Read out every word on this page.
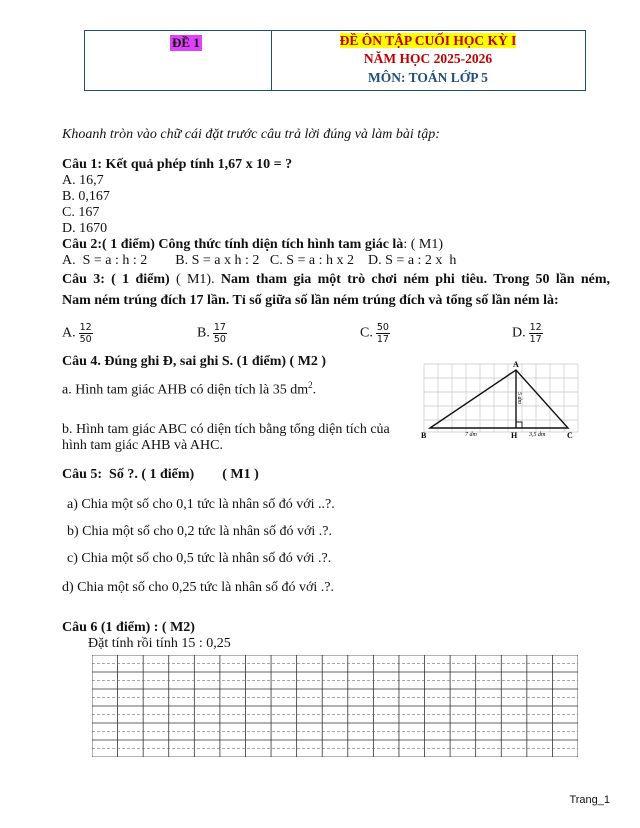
ĐỀ 1	ĐỀ ÔN TẬP CUỐI HỌC KỲ I
NĂM HỌC 2025-2026
MÔN: TOÁN LỚP 5
Khoanh tròn vào chữ cái đặt trước câu trả lời đúng và làm bài tập:
Câu 1: Kết quả phép tính 1,67 x 10 = ?
A. 16,7
B. 0,167
C. 167
D. 1670
Câu 2:( 1 điểm) Công thức tính diện tích hình tam giác là: ( M1)
A.  S = a : h : 2        B. S = a x h : 2   C. S = a : h x 2    D. S = a : 2 x  h
Câu 3: ( 1 điểm) ( M1). Nam tham gia một trò chơi ném phi tiêu. Trong 50 lần ném,
Nam ném trúng đích 17 lần. Tỉ số giữa số lần ném trúng đích và tổng số lần ném là:
A. $\frac{12}{50}$	B. $\frac{17}{50}$	C. $\frac{50}{17}$	D. $\frac{12}{17}$
Câu 4. Đúng ghi Đ, sai ghi S. (1 điểm) ( M2 )
a. Hình tam giác AHB có diện tích là 35 $dm^2$.
b. Hình tam giác ABC có diện tích bằng tổng diện tích của
hình tam giác AHB và AHC.
A
B	H	C
7 dm	3,5 dm
5 dm
Câu 5:  Số ?. ( 1 điểm)        ( M1 )
a) Chia một số cho 0,1 tức là nhân số đó với ..?.
b) Chia một số cho 0,2 tức là nhân số đó với .?.
c) Chia một số cho 0,5 tức là nhân số đó với .?.
d) Chia một số cho 0,25 tức là nhân số đó với .?.
Câu 6 (1 điểm) : ( M2)
Đặt tính rồi tính 15 : 0,25
Trang_1
